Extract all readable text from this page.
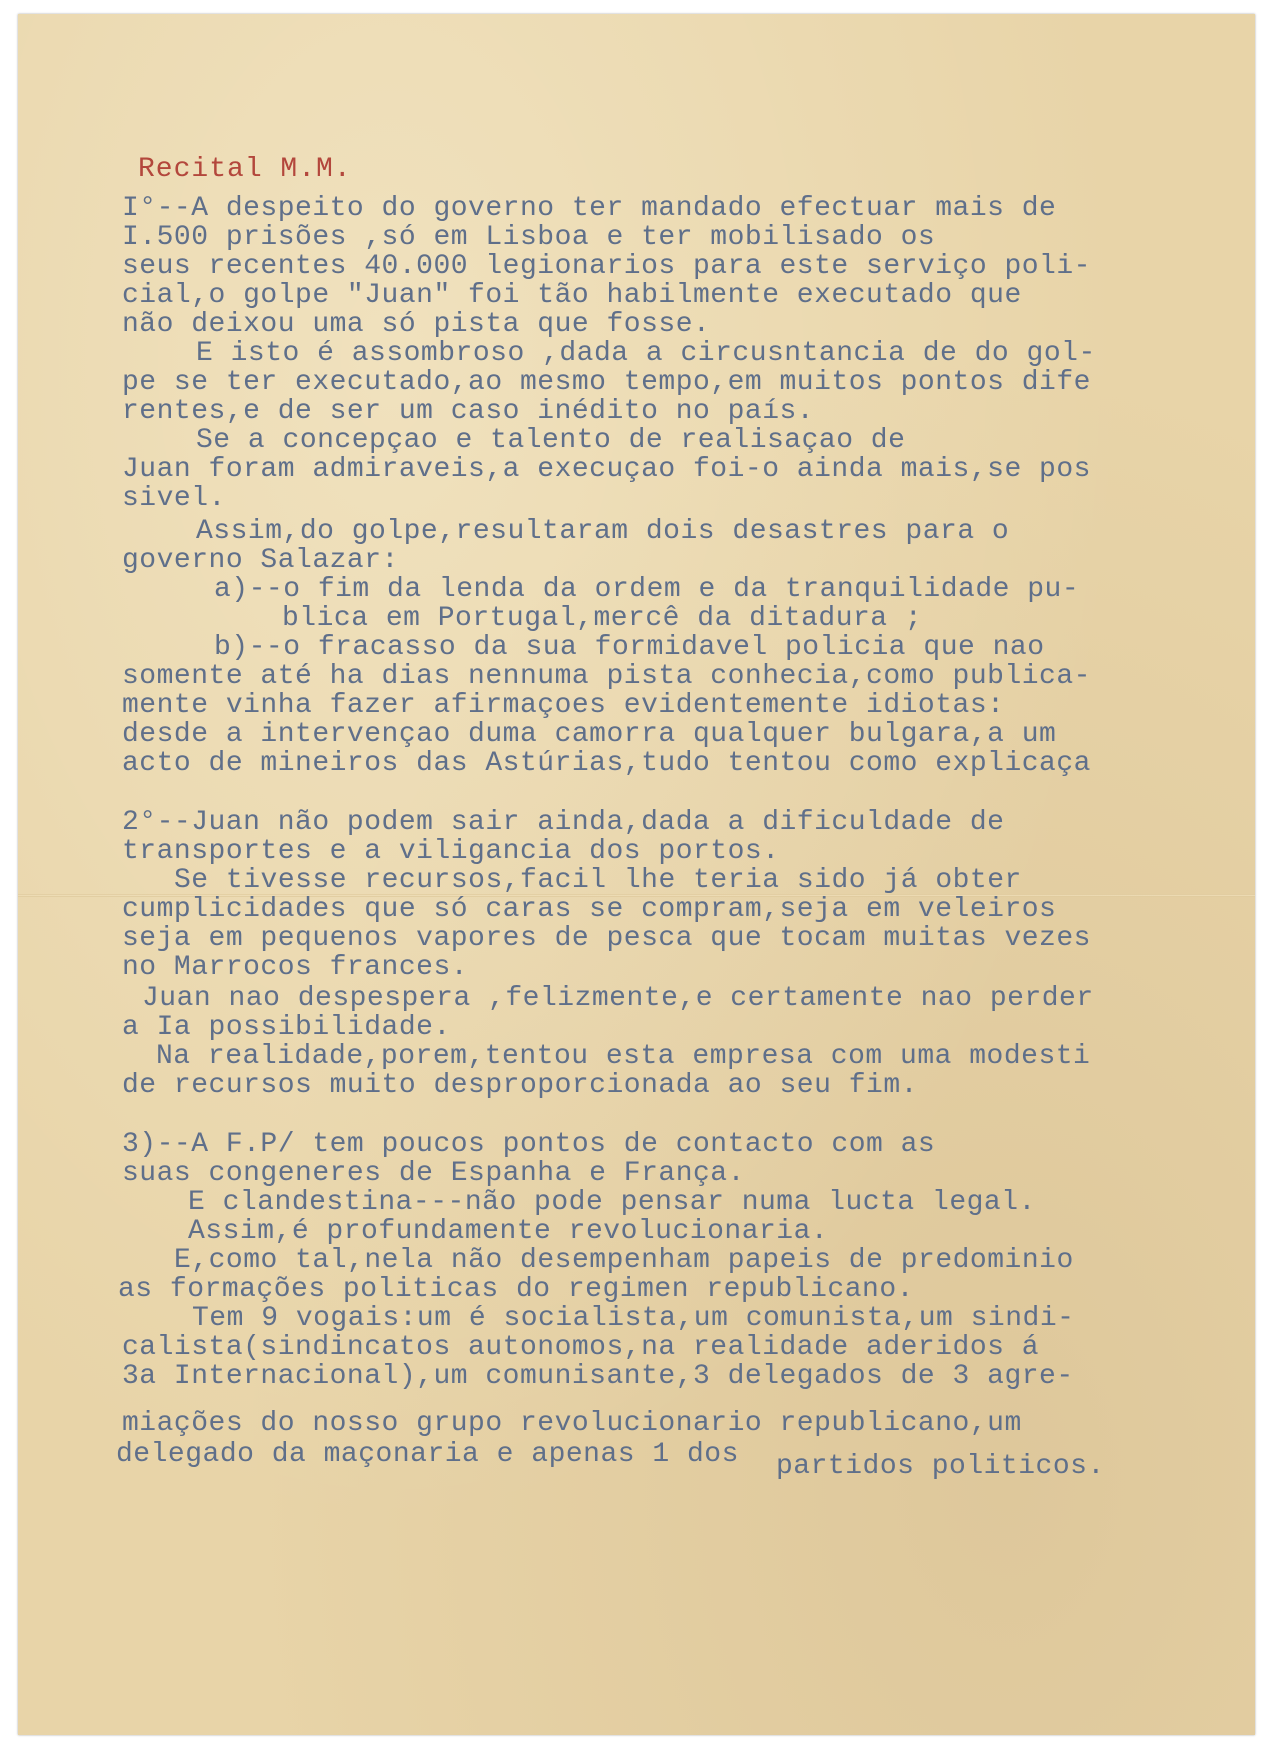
Recital M.M.
I°--A despeito do governo ter mandado efectuar mais de
I.500 prisões ,só em Lisboa e ter mobilisado os
seus recentes 40.000 legionarios para este serviço poli-
cial,o golpe "Juan" foi tão habilmente executado que
não deixou uma só pista que fosse.
E isto é assombroso ,dada a circusntancia de do gol-
pe se ter executado,ao mesmo tempo,em muitos pontos dife
rentes,e de ser um caso inédito no país.
Se a concepçao e talento de realisaçao de
Juan foram admiraveis,a execuçao foi-o ainda mais,se pos
sivel.
Assim,do golpe,resultaram dois desastres para o
governo Salazar:
a)--o fim da lenda da ordem e da tranquilidade pu-
blica em Portugal,mercê da ditadura ;
b)--o fracasso da sua formidavel policia que nao
somente até ha dias nennuma pista conhecia,como publica-
mente vinha fazer afirmaçoes evidentemente idiotas:
desde a intervençao duma camorra qualquer bulgara,a um
acto de mineiros das Astúrias,tudo tentou como explicaça
2°--Juan não podem sair ainda,dada a dificuldade de
transportes e a viligancia dos portos.
Se tivesse recursos,facil lhe teria sido já obter
cumplicidades que só caras se compram,seja em veleiros
seja em pequenos vapores de pesca que tocam muitas vezes
no Marrocos frances.
Juan nao despespera ,felizmente,e certamente nao perder
a Ia possibilidade.
Na realidade,porem,tentou esta empresa com uma modesti
de recursos muito desproporcionada ao seu fim.
3)--A F.P/ tem poucos pontos de contacto com as
suas congeneres de Espanha e França.
E clandestina---não pode pensar numa lucta legal.
Assim,é profundamente revolucionaria.
E,como tal,nela não desempenham papeis de predominio
as formações politicas do regimen republicano.
Tem 9 vogais:um é socialista,um comunista,um sindi-
calista(sindincatos autonomos,na realidade aderidos á
3a Internacional),um comunisante,3 delegados de 3 agre-
miações do nosso grupo revolucionario republicano,um
delegado da maçonaria e apenas 1 dos partidos politicos.
